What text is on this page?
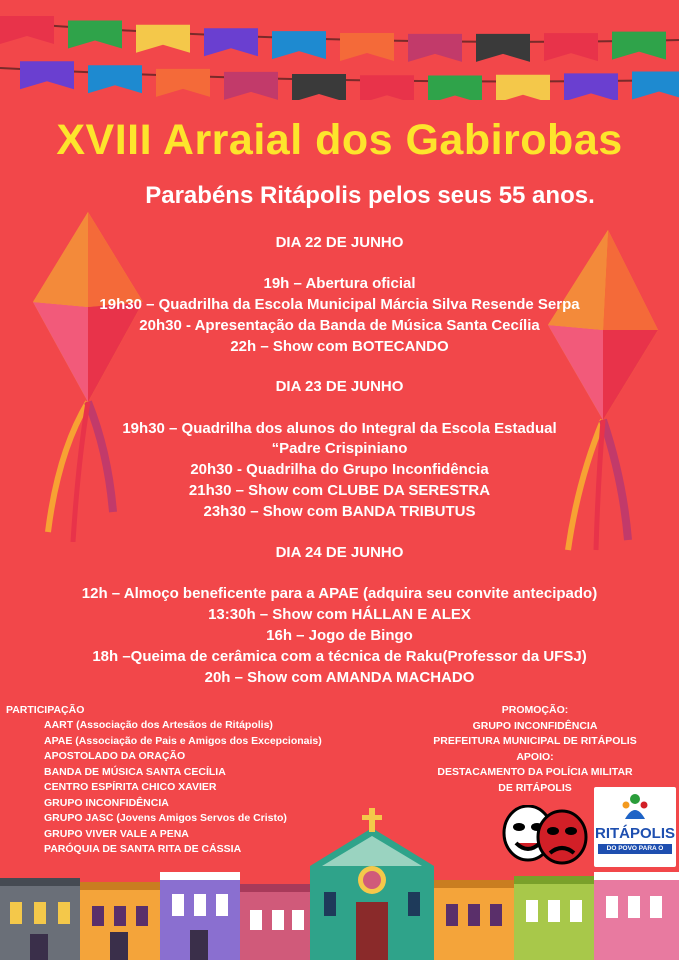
XVIII Arraial dos Gabirobas
Parabéns Ritápolis pelos seus 55 anos.
DIA 22 DE JUNHO
19h – Abertura oficial
19h30 – Quadrilha da Escola Municipal Márcia Silva Resende Serpa
20h30 - Apresentação da Banda de Música Santa Cecília
22h – Show com BOTECANDO
DIA 23 DE JUNHO
19h30 – Quadrilha dos alunos do Integral da Escola Estadual
“Padre Crispiniano
20h30 - Quadrilha do Grupo Inconfidência
21h30 – Show com CLUBE DA SERESTRA
23h30 – Show com BANDA TRIBUTUS
DIA 24 DE JUNHO
12h – Almoço beneficente para a APAE (adquira seu convite antecipado)
13:30h – Show com HÁLLAN E ALEX
16h – Jogo de Bingo
18h –Queima de cerâmica com a técnica de Raku(Professor da UFSJ)
20h – Show com AMANDA MACHADO
PARTICIPAÇÃO
AART (Associação dos Artesãos de Ritápolis)
APAE (Associação de Pais e Amigos dos Excepcionais)
APOSTOLADO DA ORAÇÃO
BANDA DE MÚSICA SANTA CECÍLIA
CENTRO ESPÍRITA CHICO XAVIER
GRUPO INCONFIDÊNCIA
GRUPO JASC (Jovens Amigos Servos de Cristo)
GRUPO VIVER VALE A PENA
PARÓQUIA DE SANTA RITA DE CÁSSIA
PROMOÇÃO:
GRUPO INCONFIDÊNCIA
PREFEITURA MUNICIPAL DE RITÁPOLIS
APOIO:
DESTACAMENTO DA POLÍCIA MILITAR
DE RITÁPOLIS
RITÁPOLIS
DO POVO PARA O POVO
